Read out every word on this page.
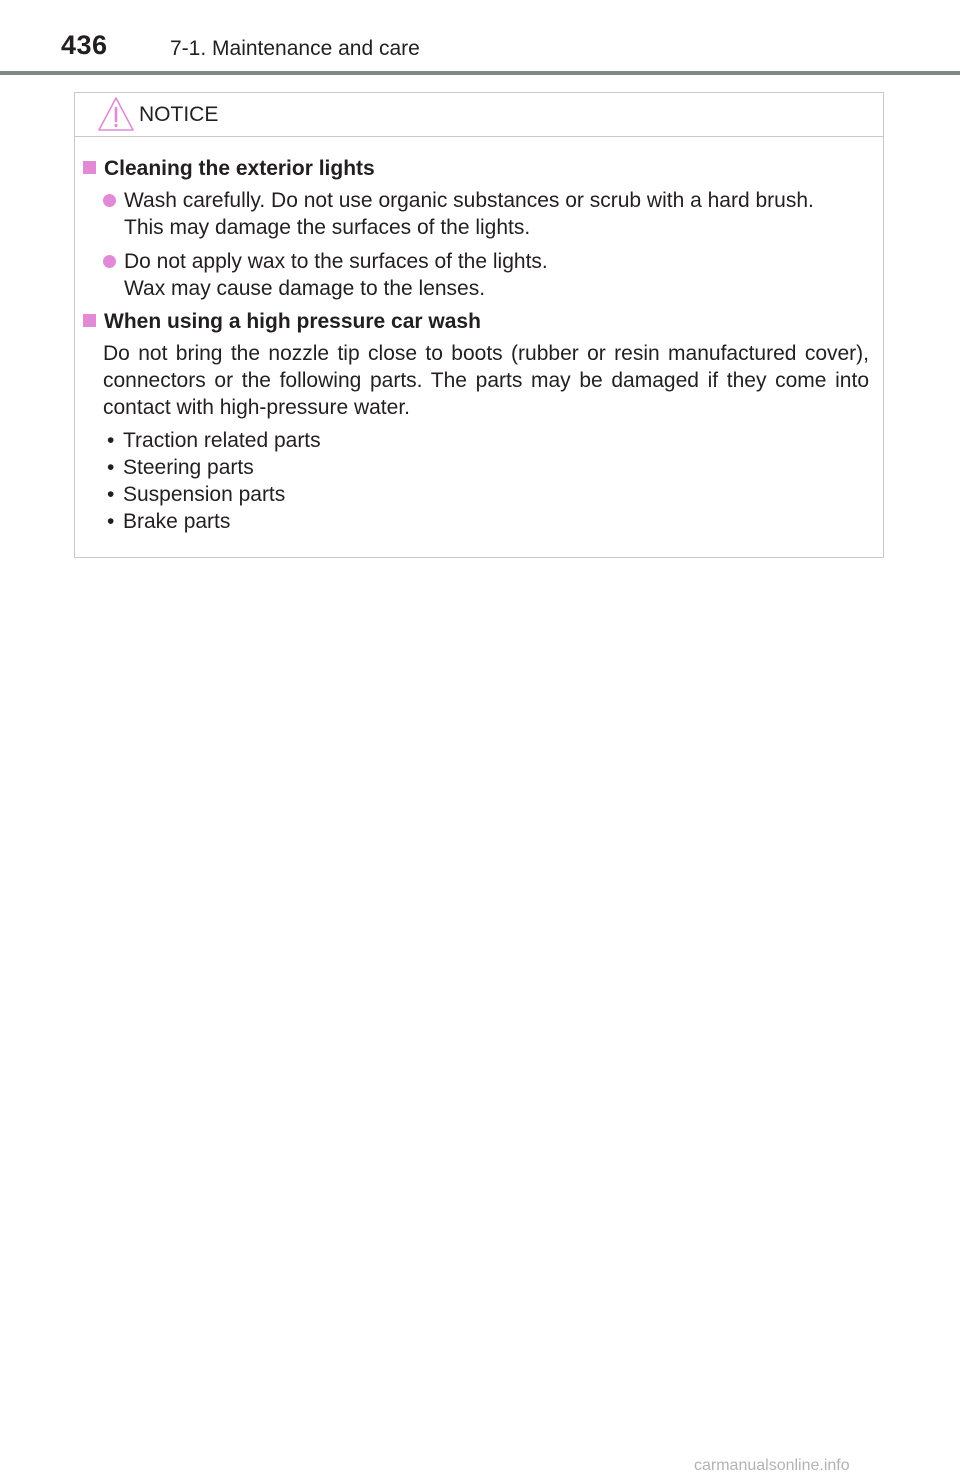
436	7-1. Maintenance and care
NOTICE
Cleaning the exterior lights
Wash carefully. Do not use organic substances or scrub with a hard brush.
This may damage the surfaces of the lights.
Do not apply wax to the surfaces of the lights.
Wax may cause damage to the lenses.
When using a high pressure car wash
Do not bring the nozzle tip close to boots (rubber or resin manufactured cover), connectors or the following parts. The parts may be damaged if they come into contact with high-pressure water.
• Traction related parts
• Steering parts
• Suspension parts
• Brake parts
carmanualsonline.info
